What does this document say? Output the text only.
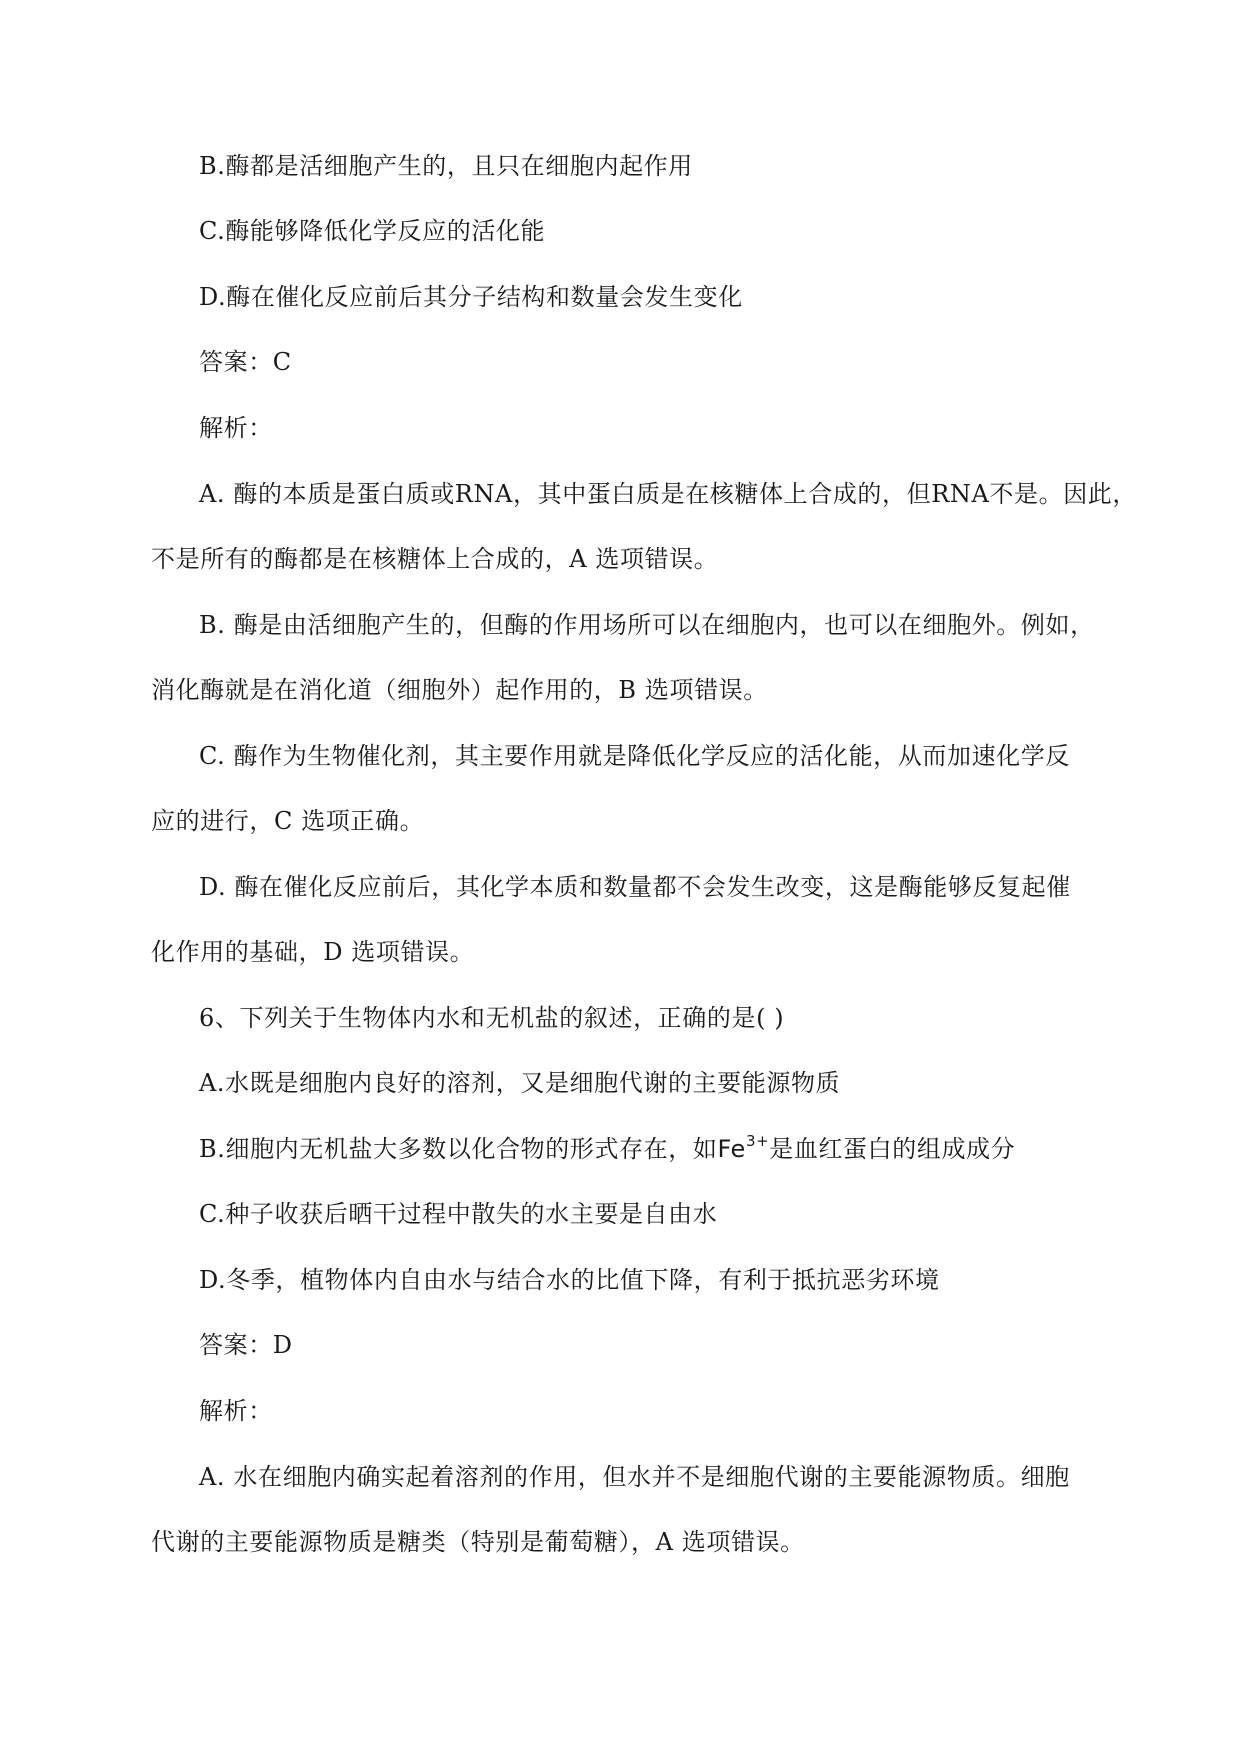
B.酶都是活细胞产生的，且只在细胞内起作用
C.酶能够降低化学反应的活化能
D.酶在催化反应前后其分子结构和数量会发生变化
答案：C
解析：
A. 酶的本质是蛋白质或RNA，其中蛋白质是在核糖体上合成的，但RNA不是。因此，
不是所有的酶都是在核糖体上合成的，A 选项错误。
B. 酶是由活细胞产生的，但酶的作用场所可以在细胞内，也可以在细胞外。例如，
消化酶就是在消化道（细胞外）起作用的，B 选项错误。
C. 酶作为生物催化剂，其主要作用就是降低化学反应的活化能，从而加速化学反
应的进行，C 选项正确。
D. 酶在催化反应前后，其化学本质和数量都不会发生改变，这是酶能够反复起催
化作用的基础，D 选项错误。
6、下列关于生物体内水和无机盐的叙述，正确的是( )
A.水既是细胞内良好的溶剂，又是细胞代谢的主要能源物质
B.细胞内无机盐大多数以化合物的形式存在，如$Fe^{3+}$是血红蛋白的组成成分
C.种子收获后晒干过程中散失的水主要是自由水
D.冬季，植物体内自由水与结合水的比值下降，有利于抵抗恶劣环境
答案：D
解析：
A. 水在细胞内确实起着溶剂的作用，但水并不是细胞代谢的主要能源物质。细胞
代谢的主要能源物质是糖类（特别是葡萄糖），A 选项错误。
